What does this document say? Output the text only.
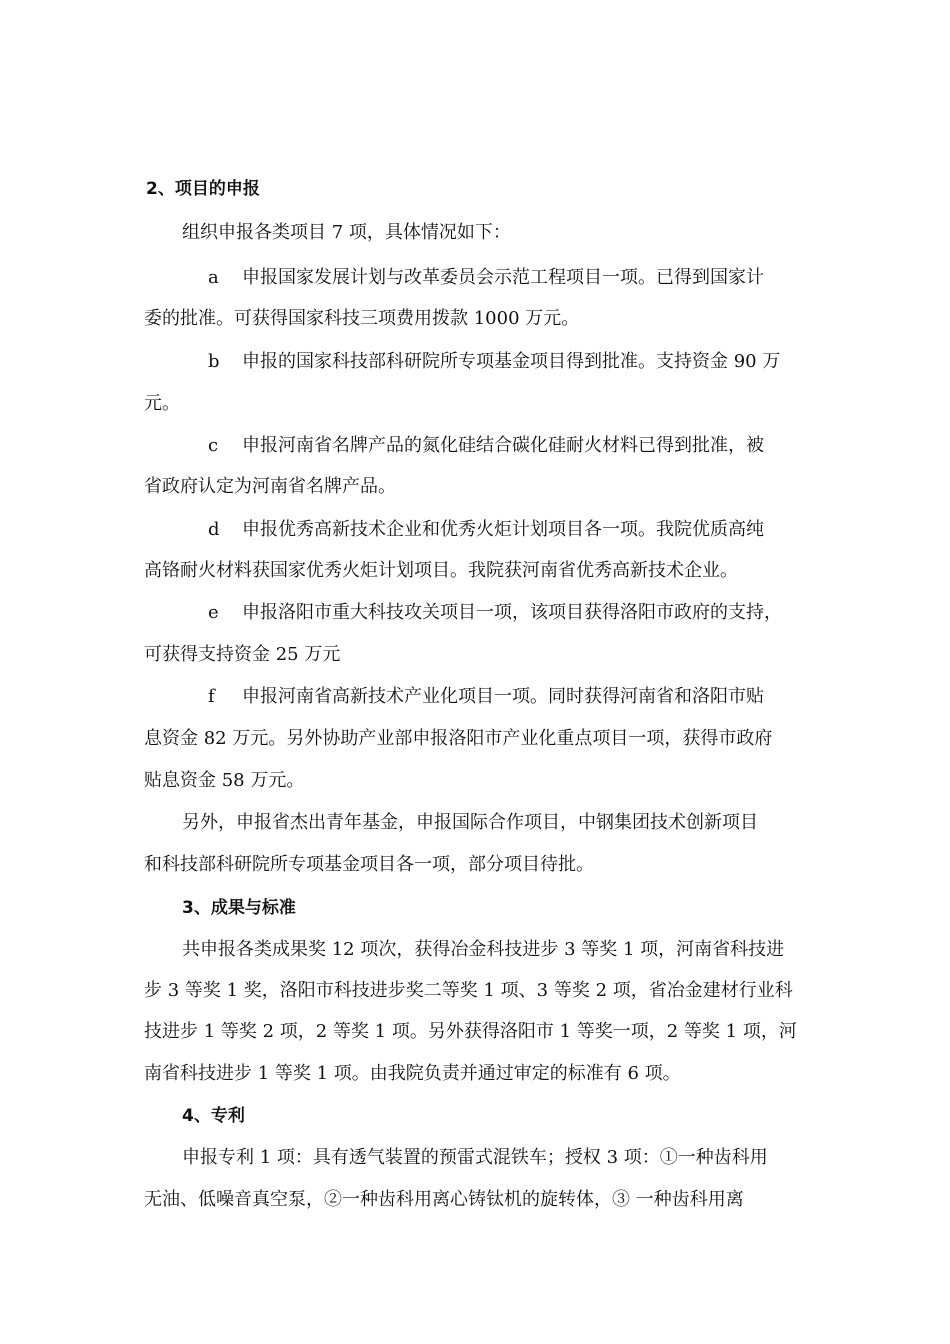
2、项目的申报
组织申报各类项目 7 项，具体情况如下：
a 申报国家发展计划与改革委员会示范工程项目一项。已得到国家计
委的批准。可获得国家科技三项费用拨款 1000 万元。
b 申报的国家科技部科研院所专项基金项目得到批准。支持资金 90 万
元。
c 申报河南省名牌产品的氮化硅结合碳化硅耐火材料已得到批准，被
省政府认定为河南省名牌产品。
d 申报优秀高新技术企业和优秀火炬计划项目各一项。我院优质高纯
高铬耐火材料获国家优秀火炬计划项目。我院获河南省优秀高新技术企业。
e 申报洛阳市重大科技攻关项目一项，该项目获得洛阳市政府的支持，
可获得支持资金 25 万元
f 申报河南省高新技术产业化项目一项。同时获得河南省和洛阳市贴
息资金 82 万元。另外协助产业部申报洛阳市产业化重点项目一项，获得市政府
贴息资金 58 万元。
另外，申报省杰出青年基金，申报国际合作项目，中钢集团技术创新项目
和科技部科研院所专项基金项目各一项，部分项目待批。
3、成果与标准
共申报各类成果奖 12 项次，获得冶金科技进步 3 等奖 1 项，河南省科技进
步 3 等奖 1 奖，洛阳市科技进步奖二等奖 1 项、3 等奖 2 项，省冶金建材行业科
技进步 1 等奖 2 项，2 等奖 1 项。另外获得洛阳市 1 等奖一项，2 等奖 1 项，河
南省科技进步 1 等奖 1 项。由我院负责并通过审定的标准有 6 项。
4、专利
申报专利 1 项：具有透气装置的预雷式混铁车；授权 3 项：①一种齿科用
无油、低噪音真空泵，②一种齿科用离心铸钛机的旋转体，③ 一种齿科用离
